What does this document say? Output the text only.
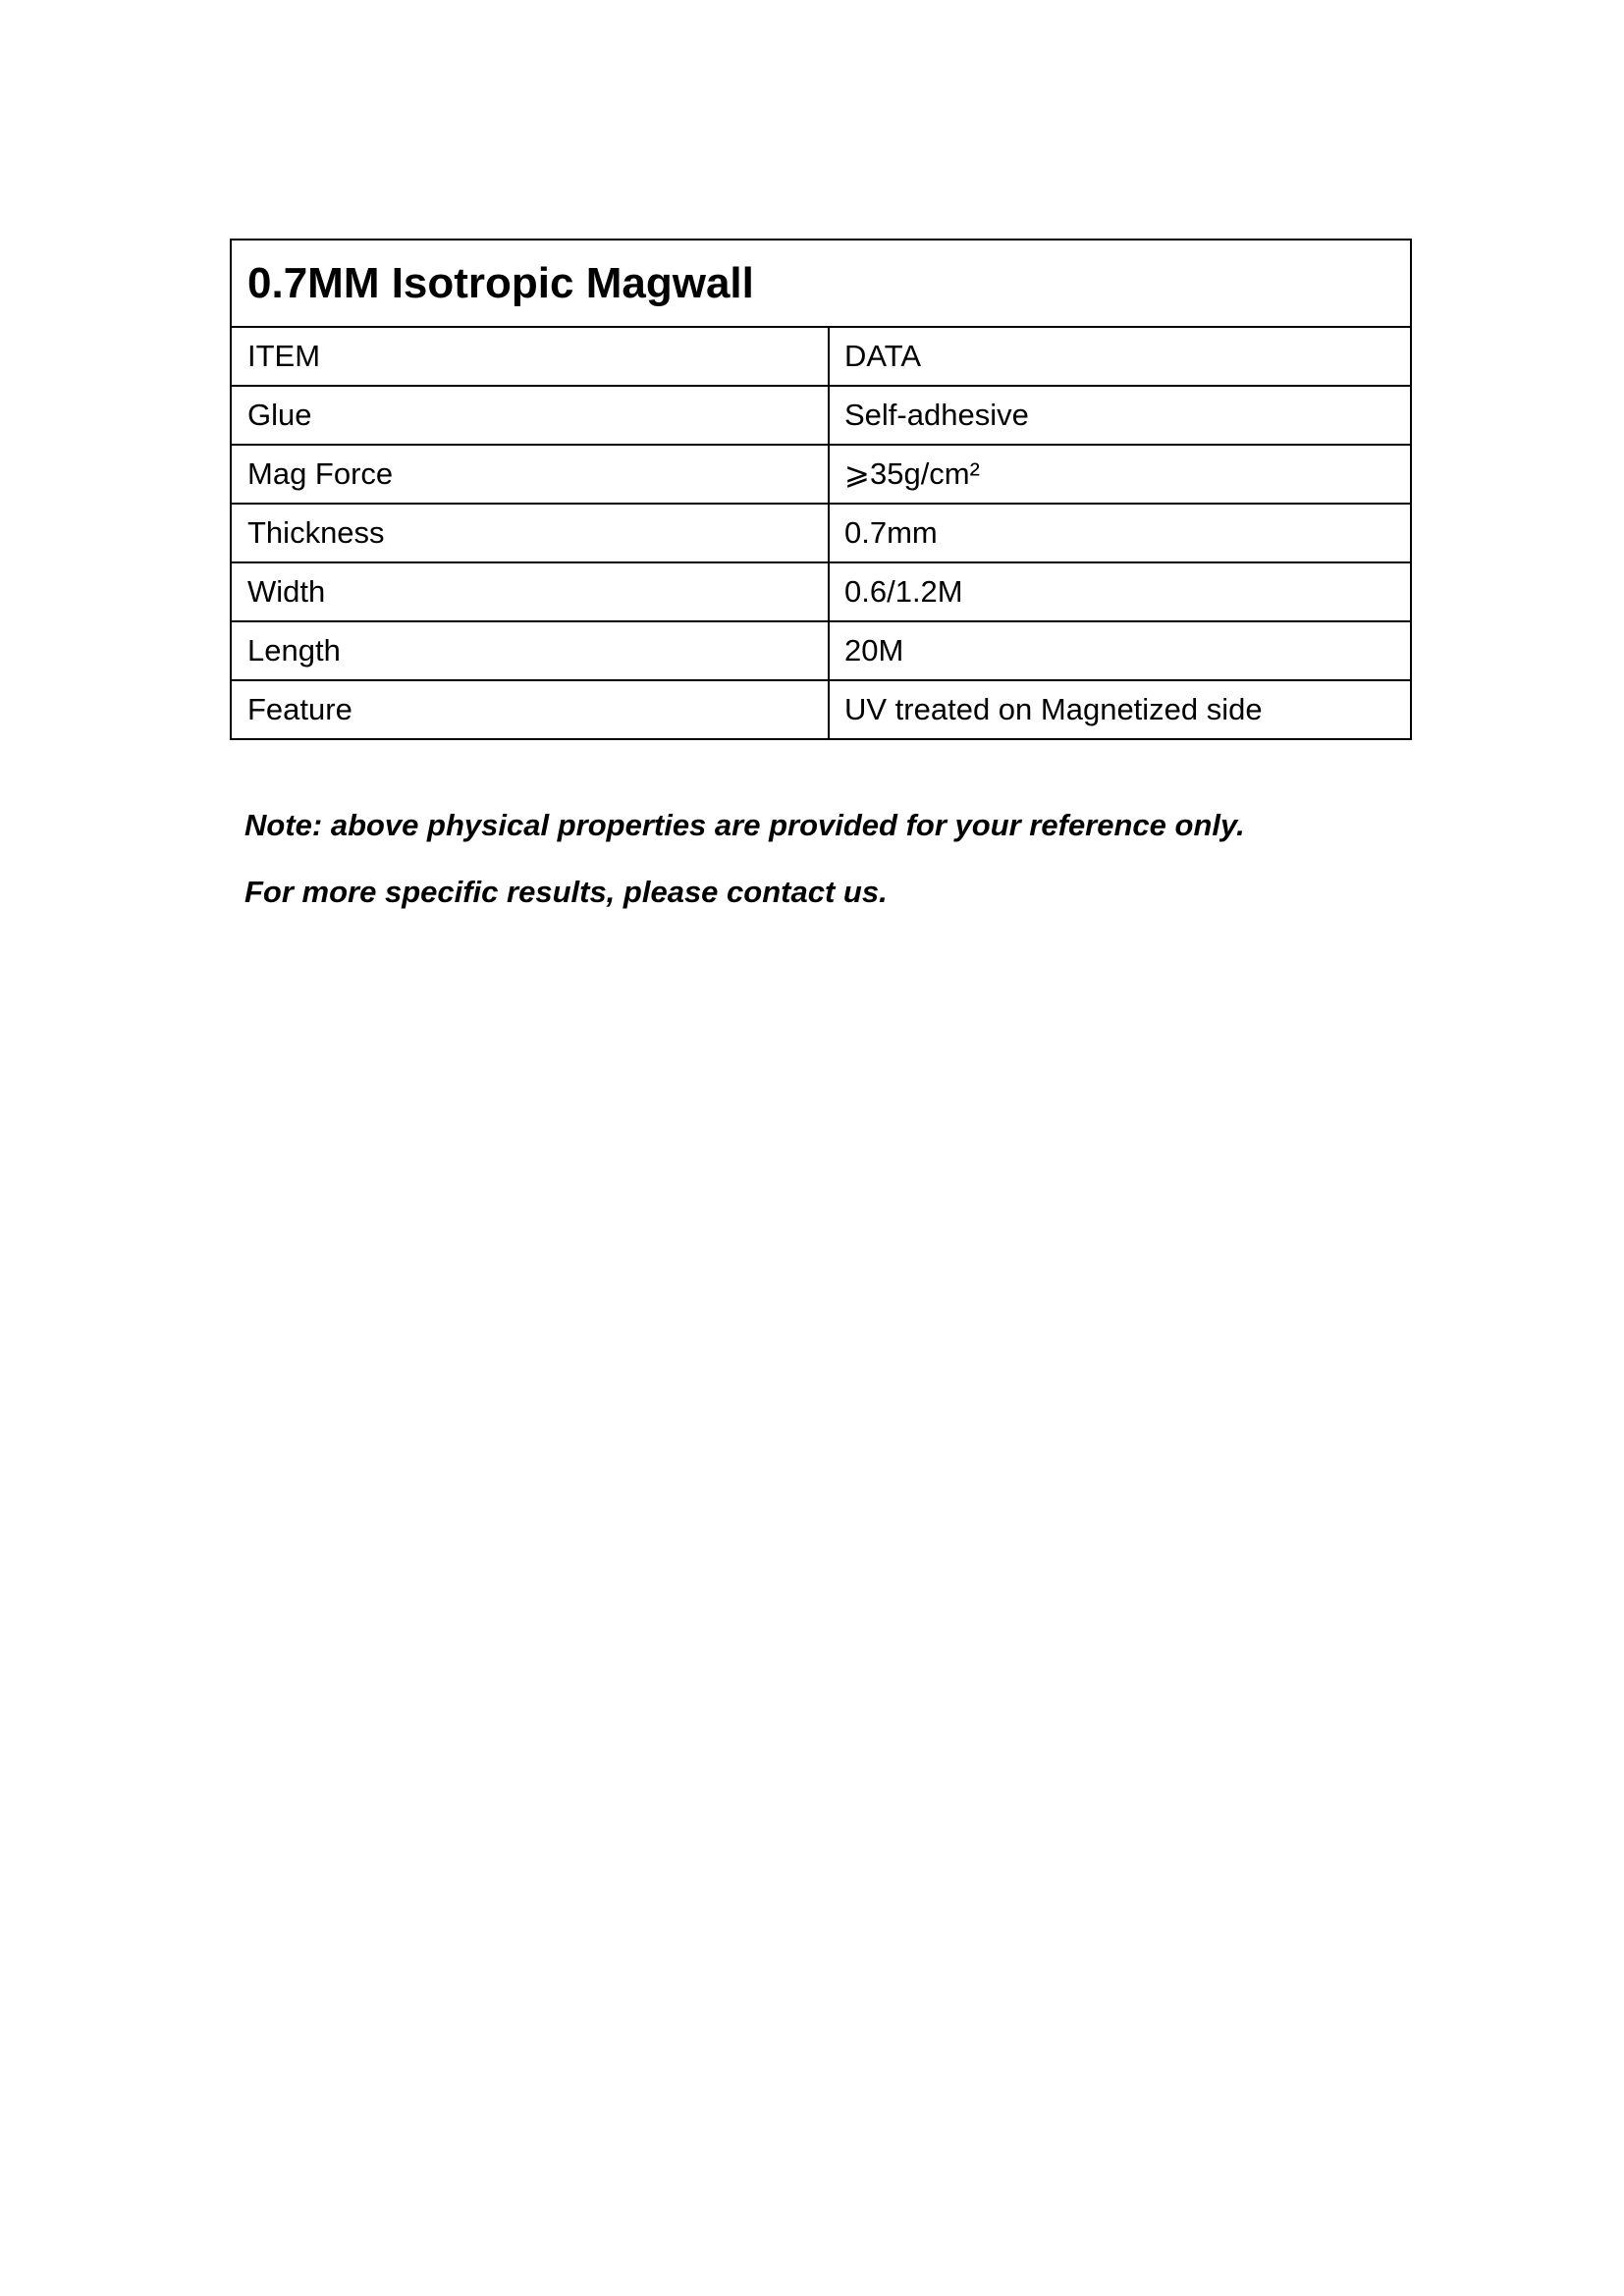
0.7MM Isotropic Magwall
ITEM	DATA
Glue	Self-adhesive
Mag Force	⩾35g/cm²
Thickness	0.7mm
Width	0.6/1.2M
Length	20M
Feature	UV treated on Magnetized side
Note: above physical properties are provided for your reference only.
For more specific results, please contact us.
